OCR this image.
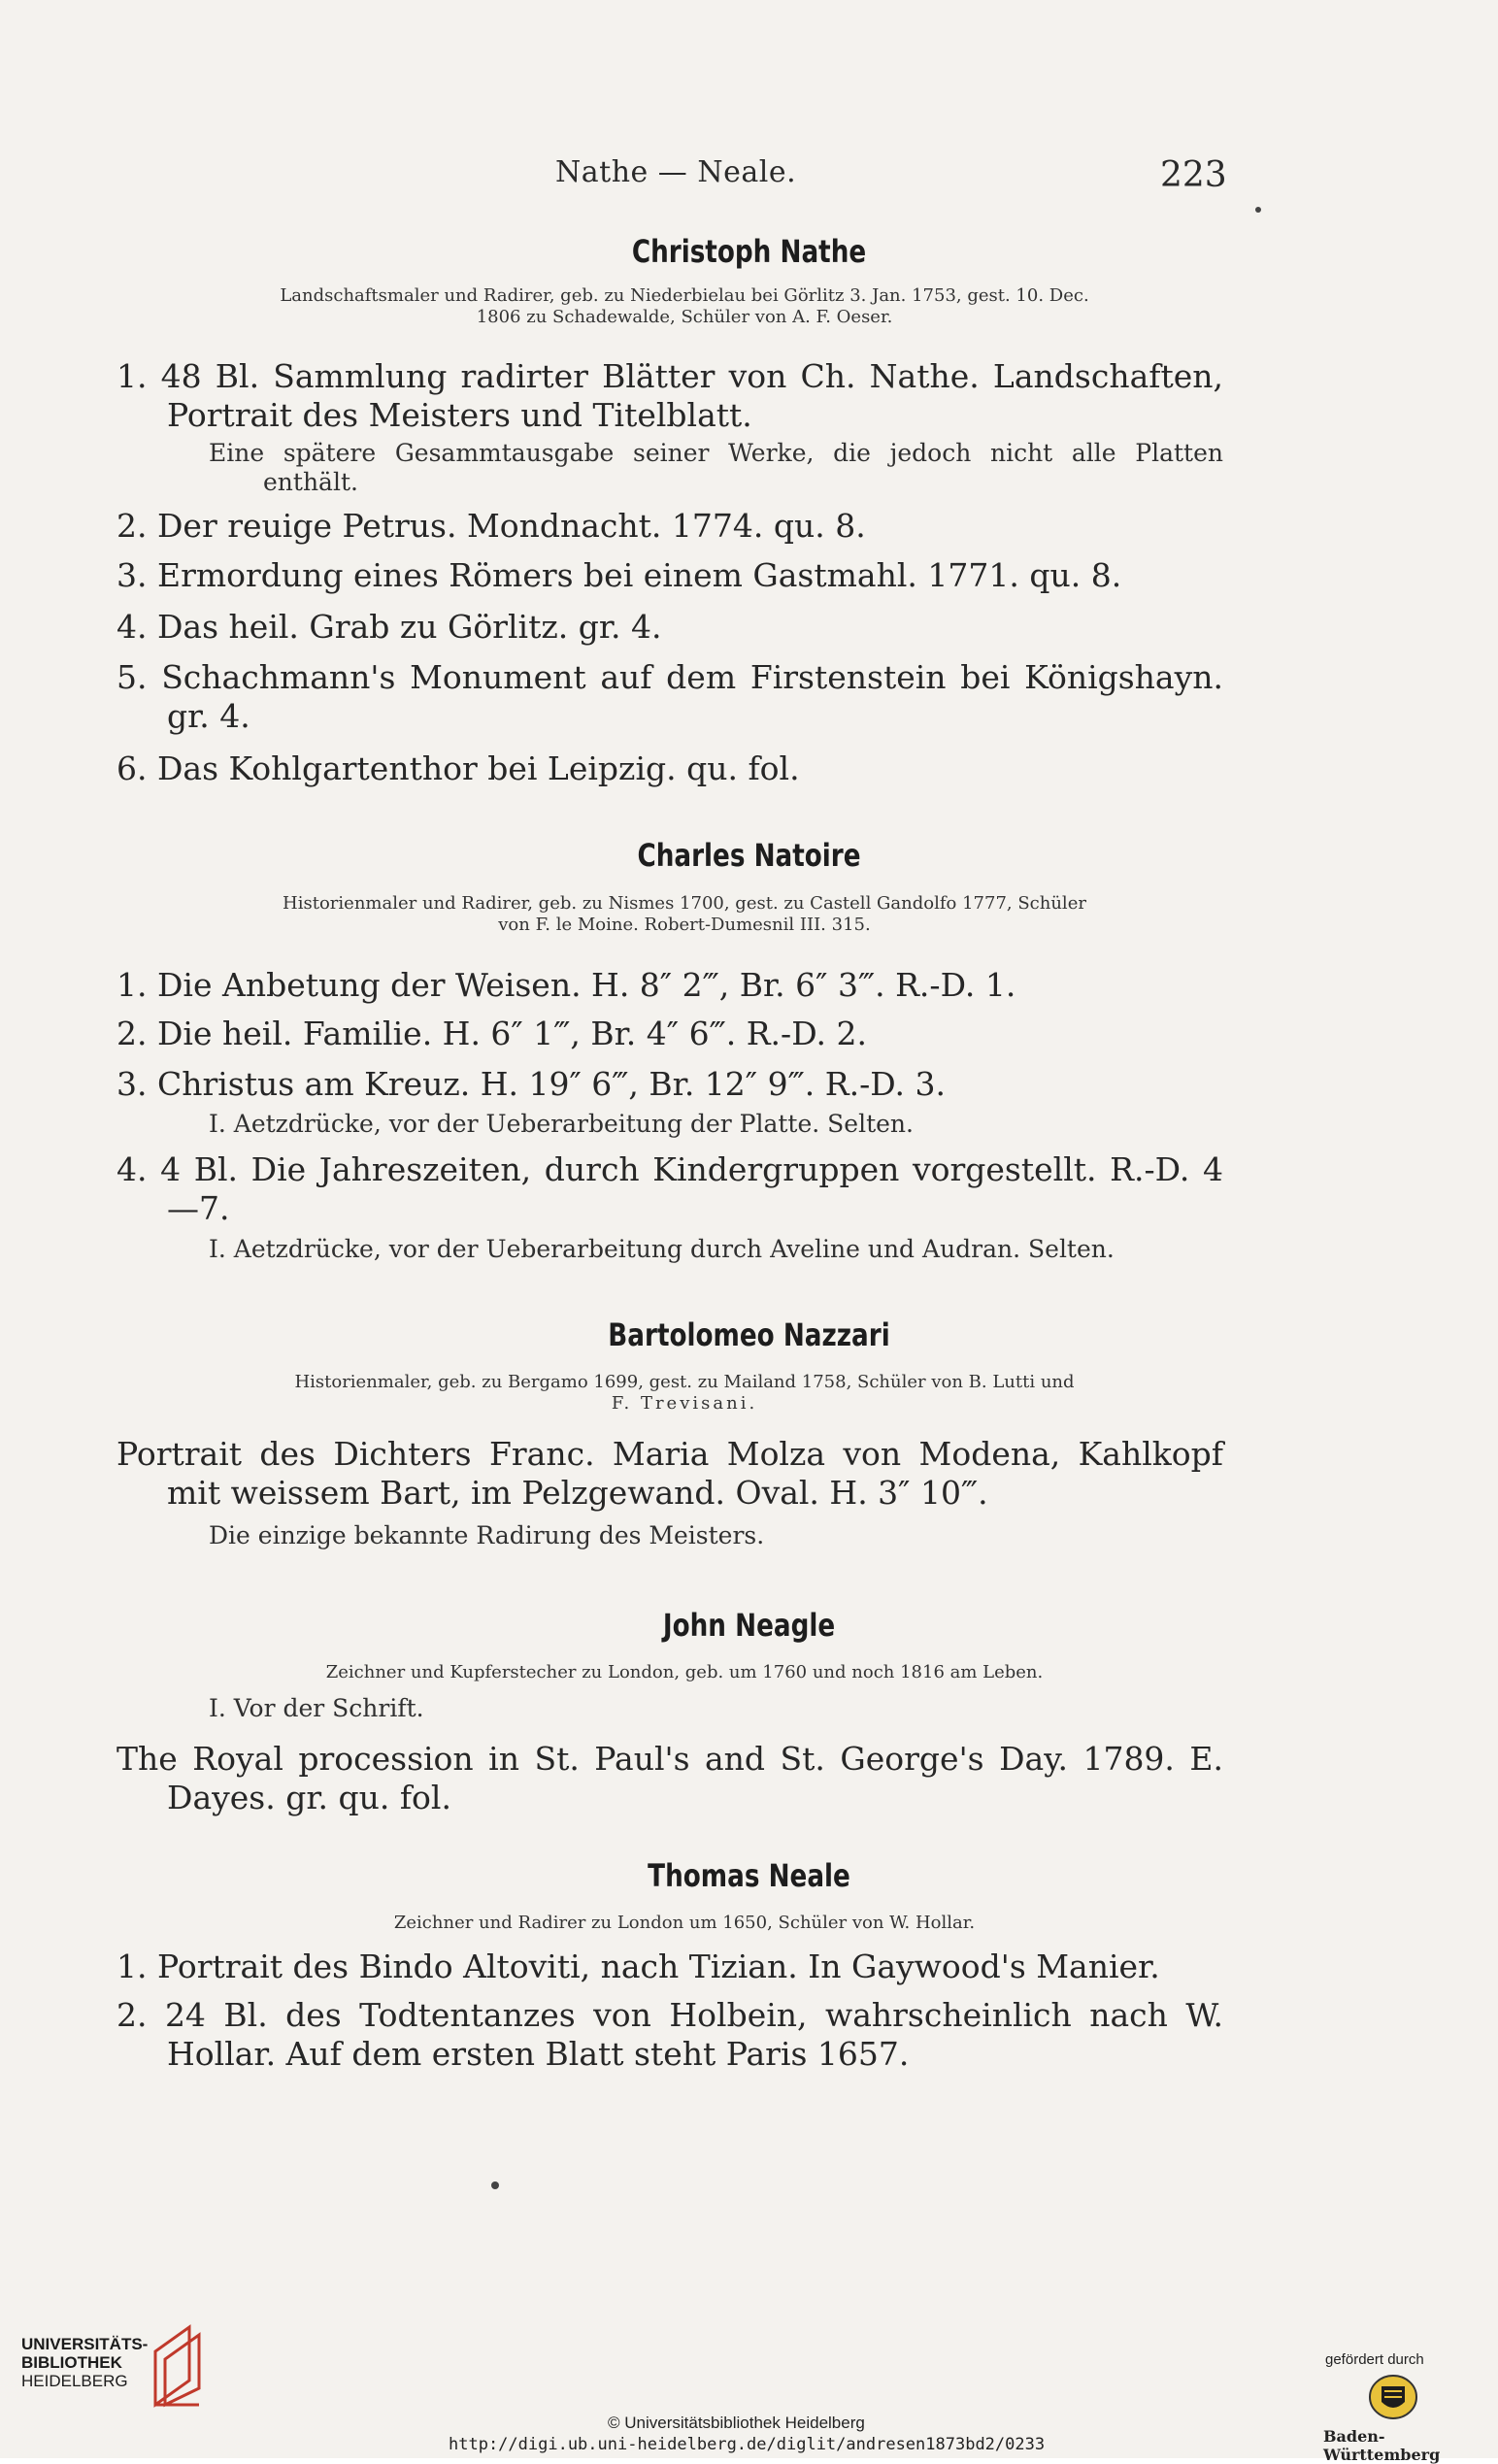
Nathe — Neale.	223
Christoph Nathe
Landschaftsmaler und Radirer, geb. zu Niederbielau bei Görlitz 3. Jan. 1753, gest. 10. Dec.
1806 zu Schadewalde, Schüler von A. F. Oeser.
1. 48 Bl. Sammlung radirter Blätter von Ch. Nathe. Landschaften, Portrait des Meisters und Titelblatt.
Eine spätere Gesammtausgabe seiner Werke, die jedoch nicht alle Platten enthält.
2. Der reuige Petrus. Mondnacht. 1774. qu. 8.
3. Ermordung eines Römers bei einem Gastmahl. 1771. qu. 8.
4. Das heil. Grab zu Görlitz. gr. 4.
5. Schachmann's Monument auf dem Firstenstein bei Königshayn. gr. 4.
6. Das Kohlgartenthor bei Leipzig. qu. fol.
Charles Natoire
Historienmaler und Radirer, geb. zu Nismes 1700, gest. zu Castell Gandolfo 1777, Schüler
von F. le Moine. Robert-Dumesnil III. 315.
1. Die Anbetung der Weisen. H. 8″ 2‴, Br. 6″ 3‴. R.-D. 1.
2. Die heil. Familie. H. 6″ 1‴, Br. 4″ 6‴. R.-D. 2.
3. Christus am Kreuz. H. 19″ 6‴, Br. 12″ 9‴. R.-D. 3.
I. Aetzdrücke, vor der Ueberarbeitung der Platte. Selten.
4. 4 Bl. Die Jahreszeiten, durch Kindergruppen vorgestellt. R.-D. 4—7.
I. Aetzdrücke, vor der Ueberarbeitung durch Aveline und Audran. Selten.
Bartolomeo Nazzari
Historienmaler, geb. zu Bergamo 1699, gest. zu Mailand 1758, Schüler von B. Lutti und
F. Trevisani.
Portrait des Dichters Franc. Maria Molza von Modena, Kahlkopf mit weissem Bart, im Pelzgewand. Oval. H. 3″ 10‴.
Die einzige bekannte Radirung des Meisters.
John Neagle
Zeichner und Kupferstecher zu London, geb. um 1760 und noch 1816 am Leben.
I. Vor der Schrift.
The Royal procession in St. Paul's and St. George's Day. 1789. E. Dayes. gr. qu. fol.
Thomas Neale
Zeichner und Radirer zu London um 1650, Schüler von W. Hollar.
1. Portrait des Bindo Altoviti, nach Tizian. In Gaywood's Manier.
2. 24 Bl. des Todtentanzes von Holbein, wahrscheinlich nach W. Hollar. Auf dem ersten Blatt steht Paris 1657.
UNIVERSITÄTS-
BIBLIOTHEK
HEIDELBERG
© Universitätsbibliothek Heidelberg
http://digi.ub.uni-heidelberg.de/diglit/andresen1873bd2/0233
gefördert durch
Baden-Württemberg
